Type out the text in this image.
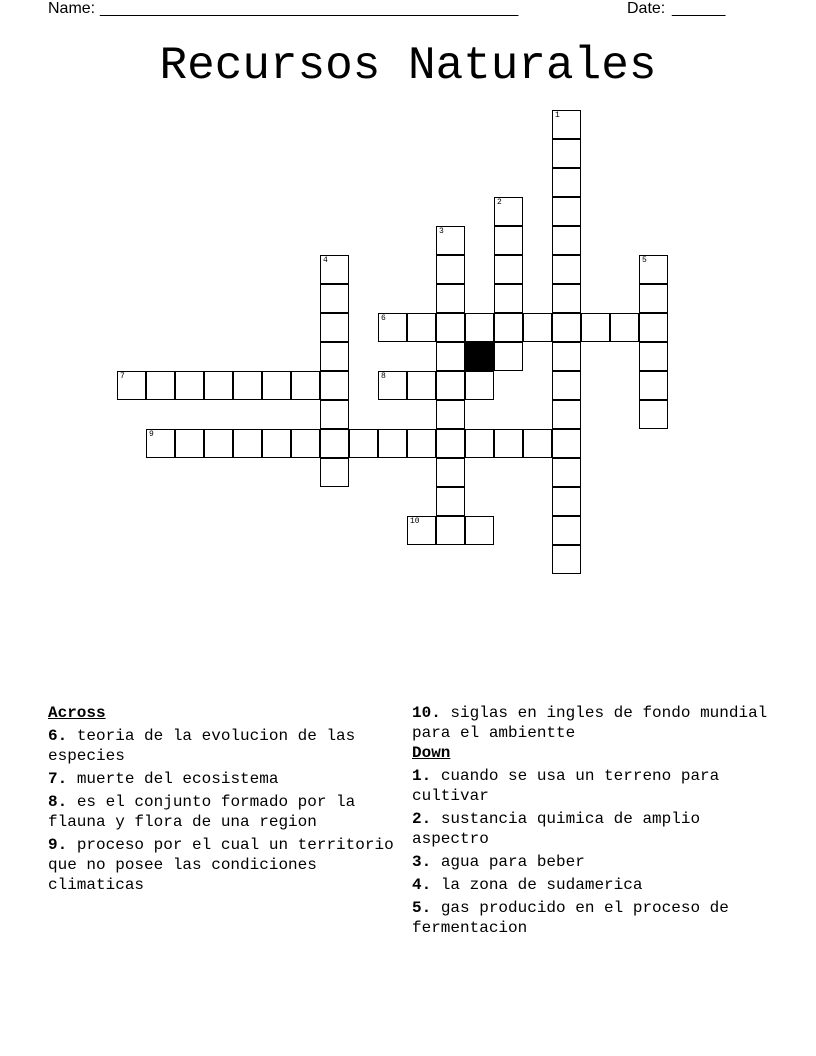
Name: _______________________________________________	Date: ______
Recursos Naturales
1
2
3
4	5
6
7	8
9
10
Across
6. teoria de la evolucion de las especies
7. muerte del ecosistema
8. es el conjunto formado por la flauna y flora de una region
9. proceso por el cual un territorio que no posee las condiciones climaticas
10. siglas en ingles de fondo mundial para el ambientte
Down
1. cuando se usa un terreno para cultivar
2. sustancia quimica de amplio aspectro
3. agua para beber
4. la zona de sudamerica
5. gas producido en el proceso de fermentacion
